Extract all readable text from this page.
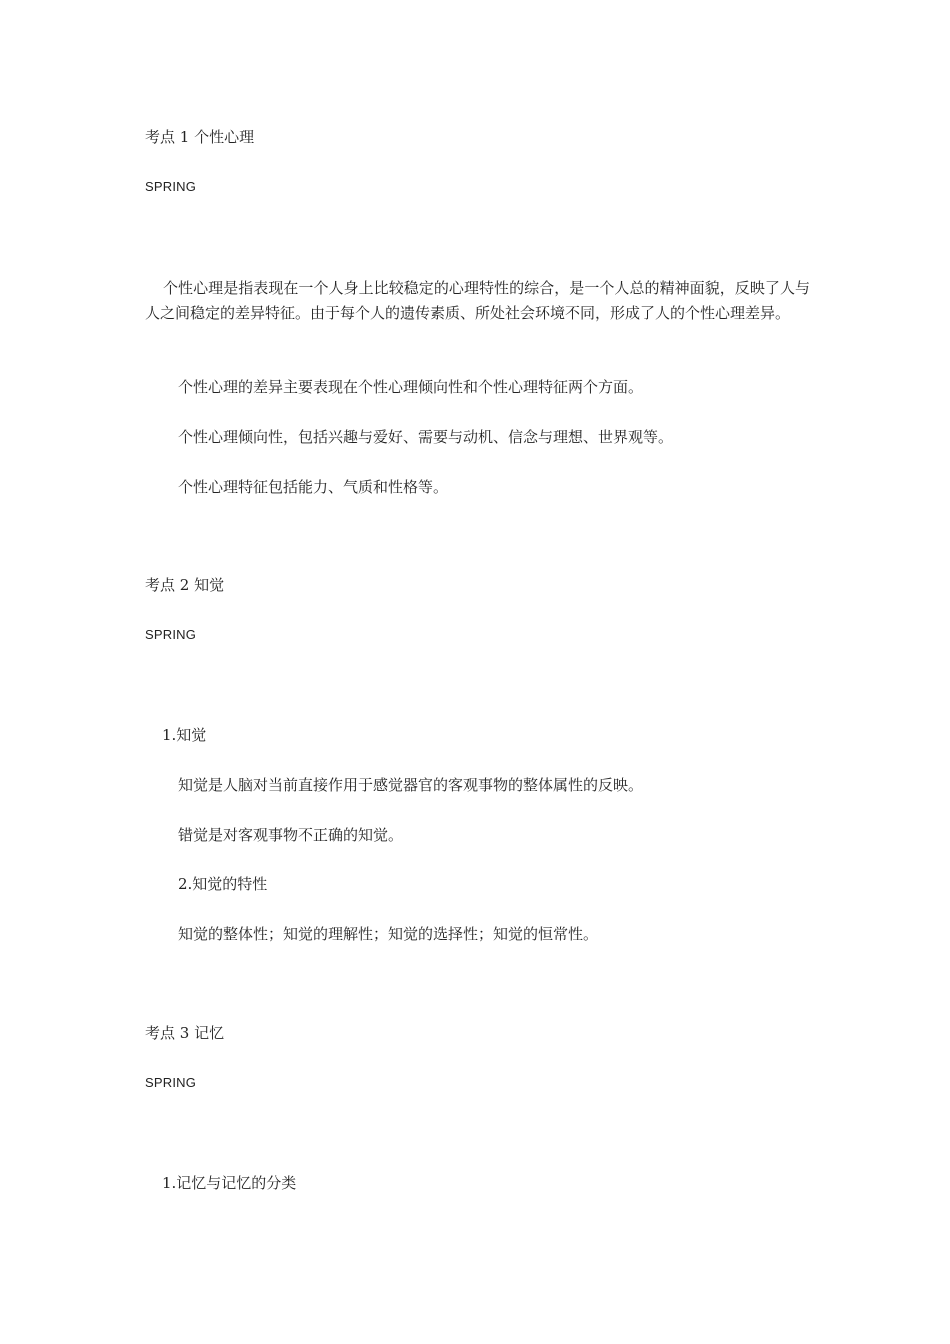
考点 1 个性心理
SPRING
个性心理是指表现在一个人身上比较稳定的心理特性的综合，是一个人总的精神面貌，反映了人与人之间稳定的差异特征。由于每个人的遗传素质、所处社会环境不同，形成了人的个性心理差异。
个性心理的差异主要表现在个性心理倾向性和个性心理特征两个方面。
个性心理倾向性，包括兴趣与爱好、需要与动机、信念与理想、世界观等。
个性心理特征包括能力、气质和性格等。
考点 2 知觉
SPRING
1.知觉
知觉是人脑对当前直接作用于感觉器官的客观事物的整体属性的反映。
错觉是对客观事物不正确的知觉。
2.知觉的特性
知觉的整体性；知觉的理解性；知觉的选择性；知觉的恒常性。
考点 3 记忆
SPRING
1.记忆与记忆的分类
